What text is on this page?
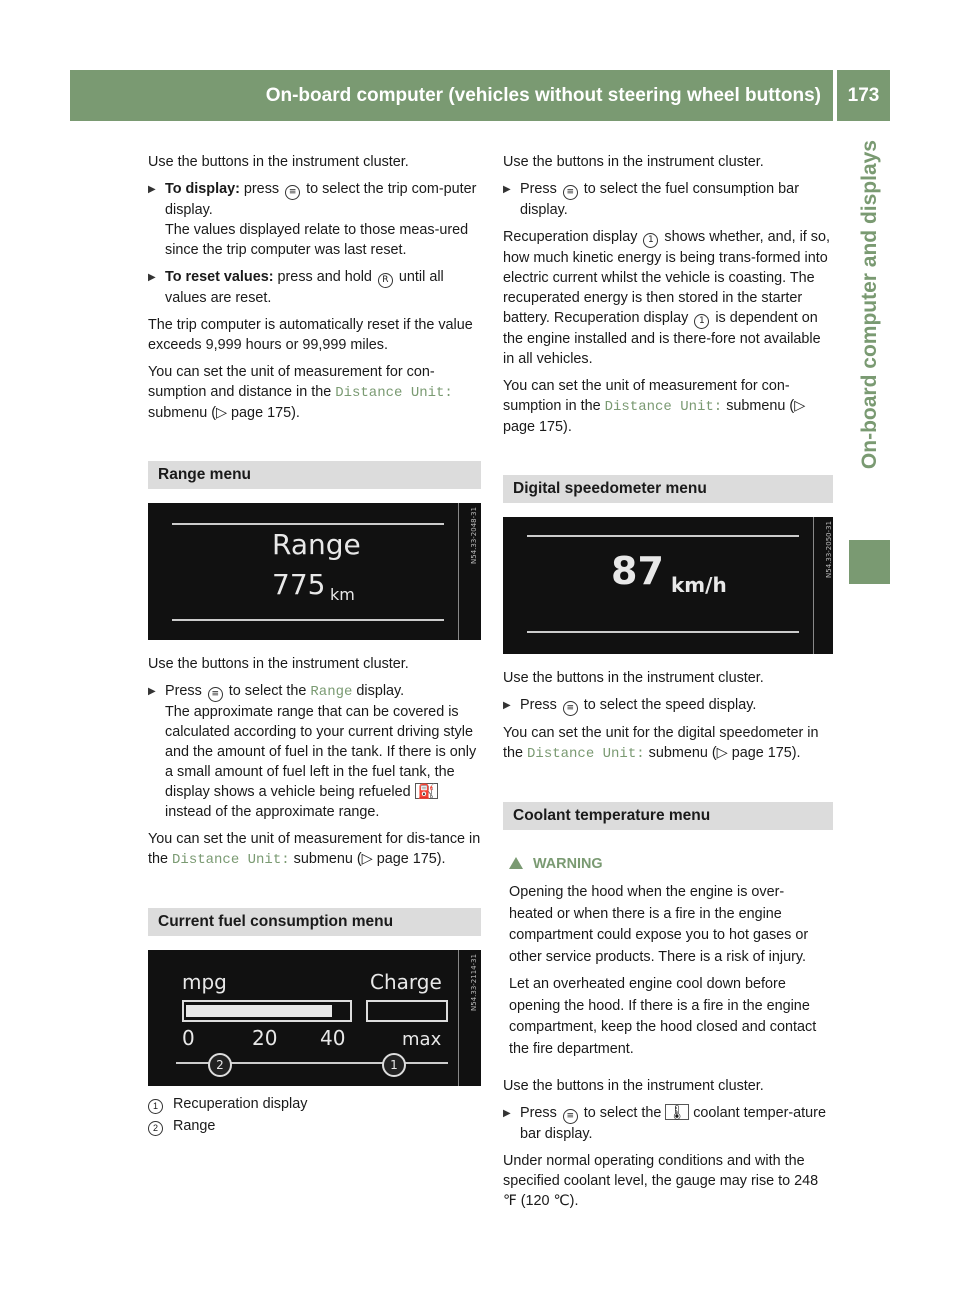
On-board computer (vehicles without steering wheel buttons)	173
On-board computer and displays

Use the buttons in the instrument cluster.

▶ To display: press ≡ to select the trip com-puter display.
The values displayed relate to those meas-ured since the trip computer was last reset.
▶ To reset values: press and hold R until all values are reset.

The trip computer is automatically reset if the value exceeds 9,999 hours or 99,999 miles.

You can set the unit of measurement for con-sumption and distance in the Distance Unit: submenu (▷ page 175).

Range menu
Range
775 km
N54.33-2048-31

Use the buttons in the instrument cluster.

▶ Press ≡ to select the Range display.
The approximate range that can be covered is calculated according to your current driving style and the amount of fuel in the tank. If there is only a small amount of fuel left in the fuel tank, the display shows a vehicle being refueled ⛽ instead of the approximate range.

You can set the unit of measurement for dis-tance in the Distance Unit: submenu (▷ page 175).

Current fuel consumption menu
mpg	Charge
0	20 40	max
2	1
N54.33-2114-31
1 Recuperation display
2 Range

Use the buttons in the instrument cluster.

▶ Press ≡ to select the fuel consumption bar display.

Recuperation display 1 shows whether, and, if so, how much kinetic energy is being trans-formed into electric current whilst the vehicle is coasting. The recuperated energy is then stored in the starter battery. Recuperation display 1 is dependent on the engine installed and is there-fore not available in all vehicles.

You can set the unit of measurement for con-sumption in the Distance Unit: submenu (▷ page 175).

Digital speedometer menu
87 km/h
N54.33-2050-31

Use the buttons in the instrument cluster.

▶ Press ≡ to select the speed display.

You can set the unit for the digital speedometer in the Distance Unit: submenu (▷ page 175).

Coolant temperature menu
WARNING
Opening the hood when the engine is over-heated or when there is a fire in the engine compartment could expose you to hot gases or other service products. There is a risk of injury.
Let an overheated engine cool down before opening the hood. If there is a fire in the engine compartment, keep the hood closed and contact the fire department.

Use the buttons in the instrument cluster.

▶ Press ≡ to select the 🌡 coolant temper-ature bar display.

Under normal operating conditions and with the specified coolant level, the gauge may rise to 248 ℉ (120 ℃).
